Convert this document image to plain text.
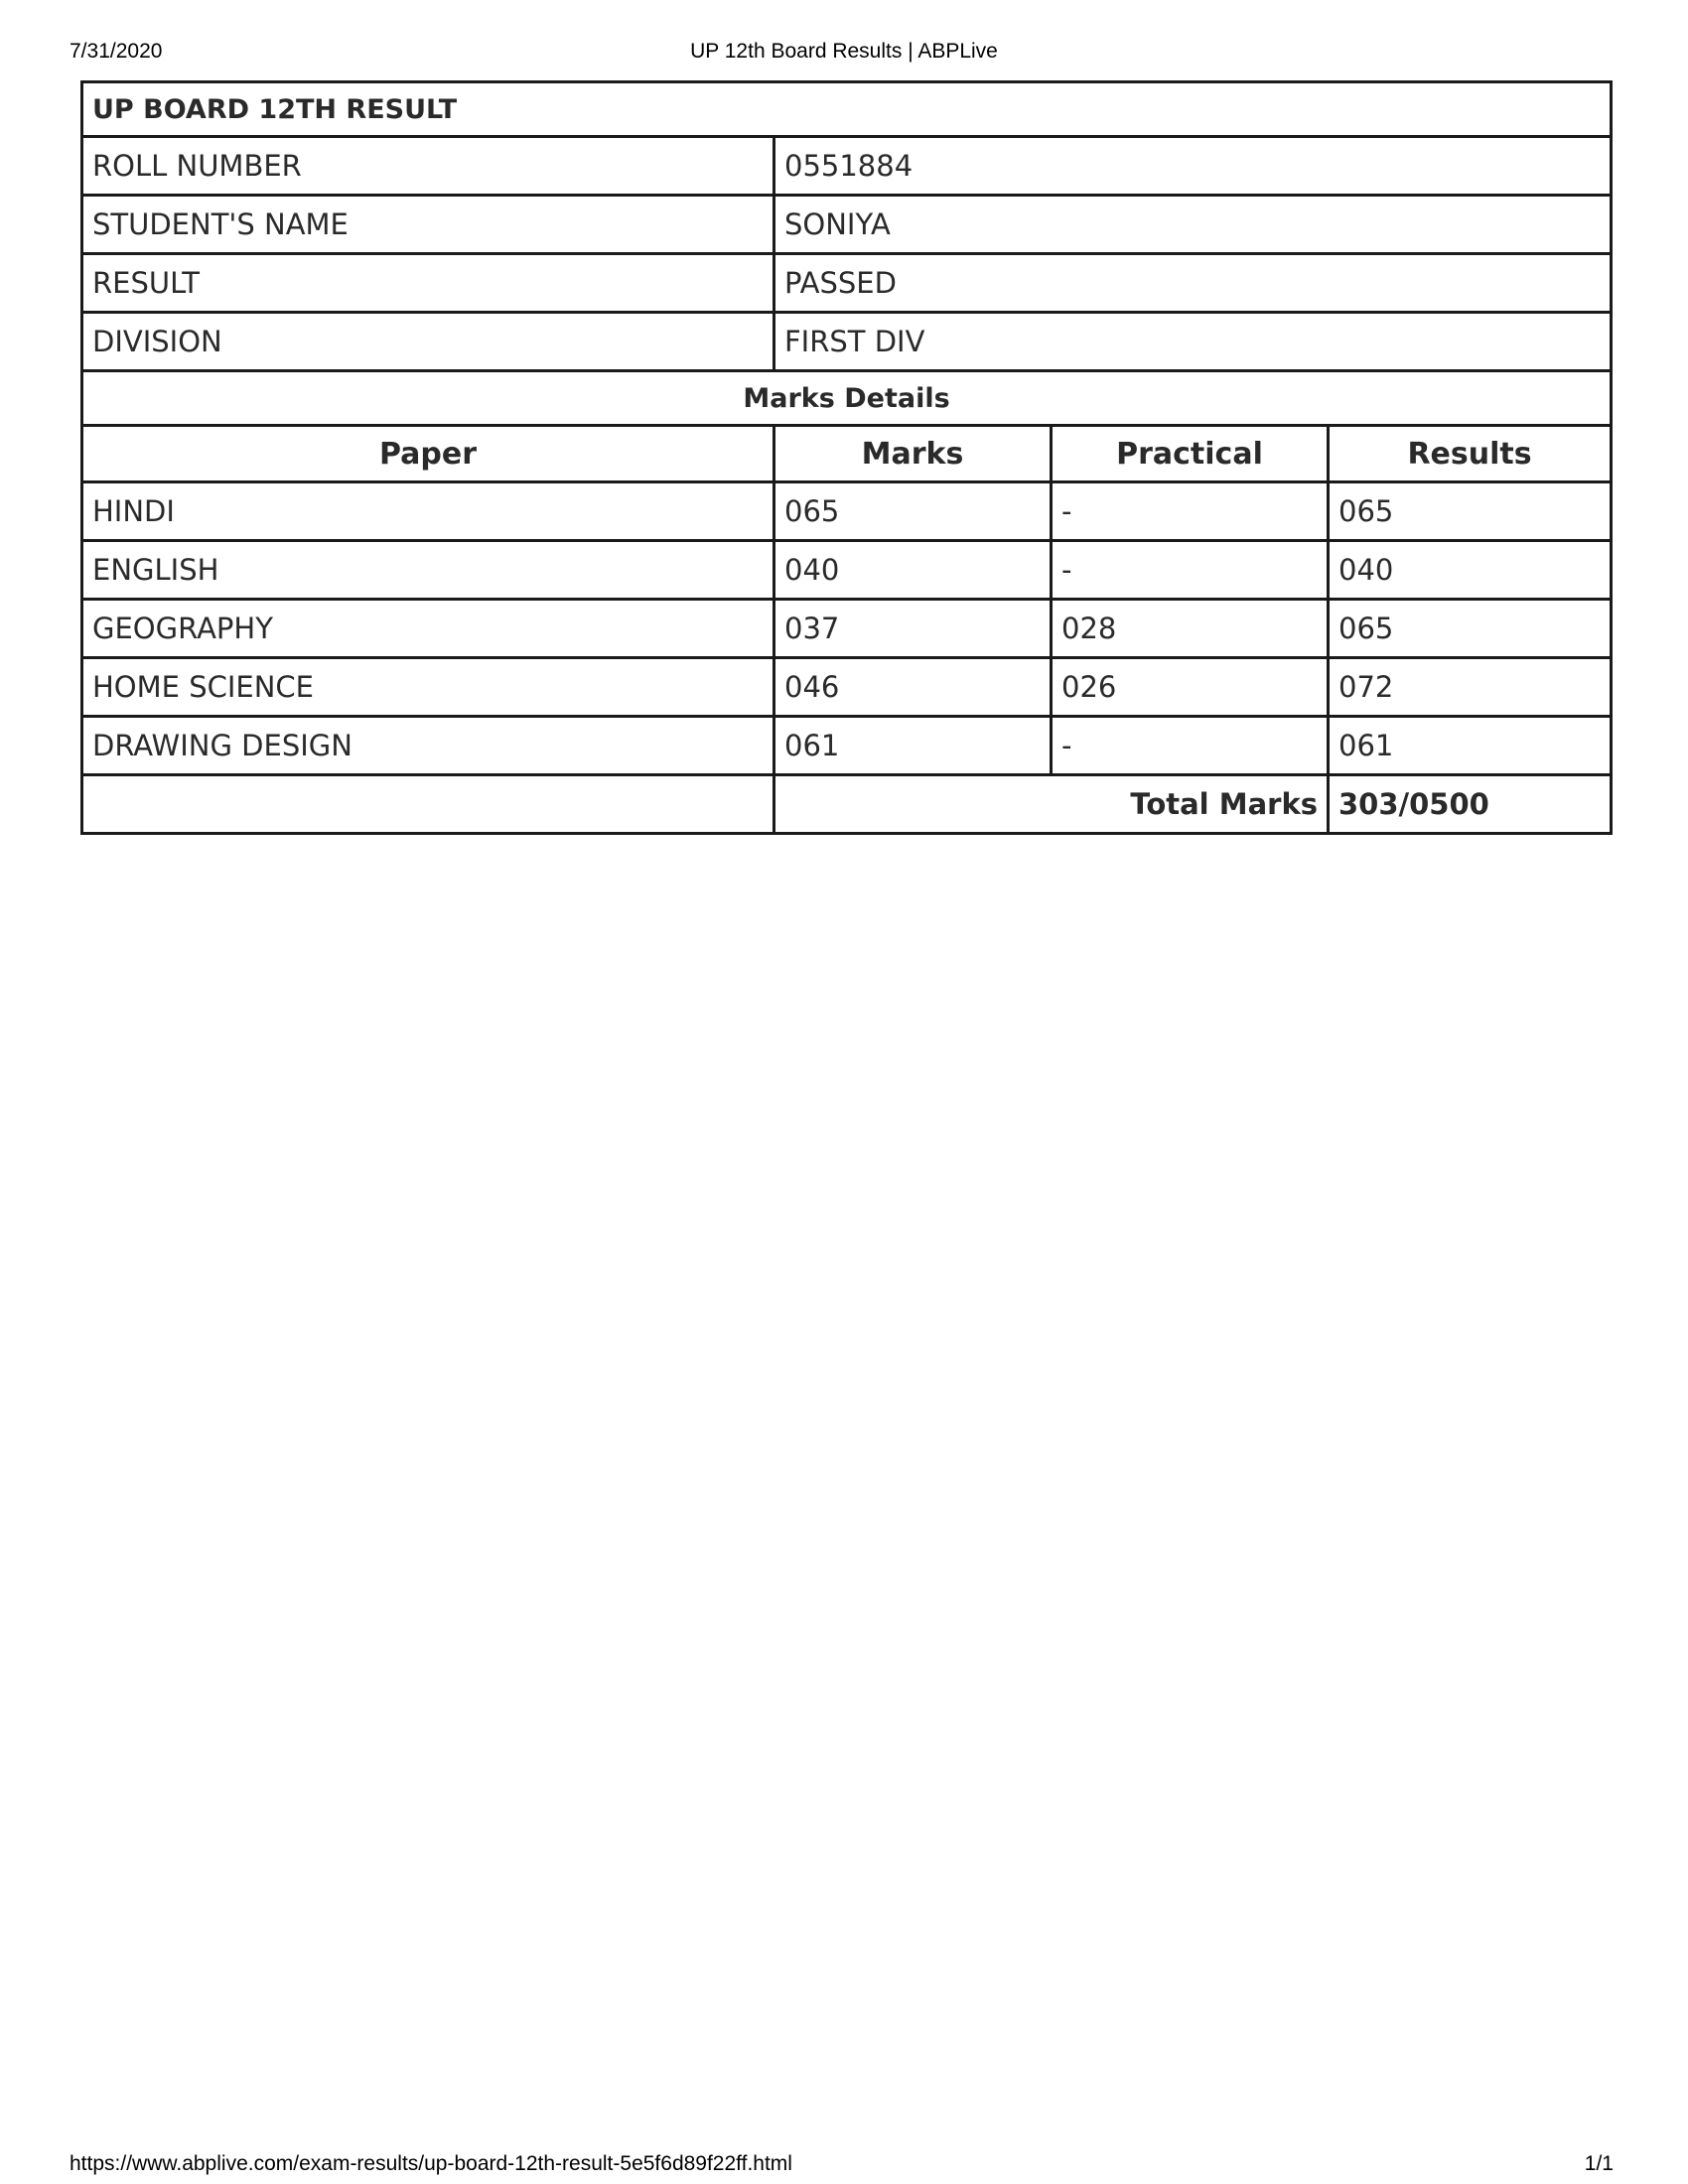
7/31/2020	UP 12th Board Results | ABPLive
UP BOARD 12TH RESULT			
ROLL NUMBER	0551884		
STUDENT'S NAME	SONIYA		
RESULT	PASSED		
DIVISION	FIRST DIV		
Marks Details			
Paper	Marks	Practical	Results
HINDI	065	-	065
ENGLISH	040	-	040
GEOGRAPHY	037	028	065
HOME SCIENCE	046	026	072
DRAWING DESIGN	061	-	061
	Total Marks		303/0500
https://www.abplive.com/exam-results/up-board-12th-result-5e5f6d89f22ff.html	1/1
